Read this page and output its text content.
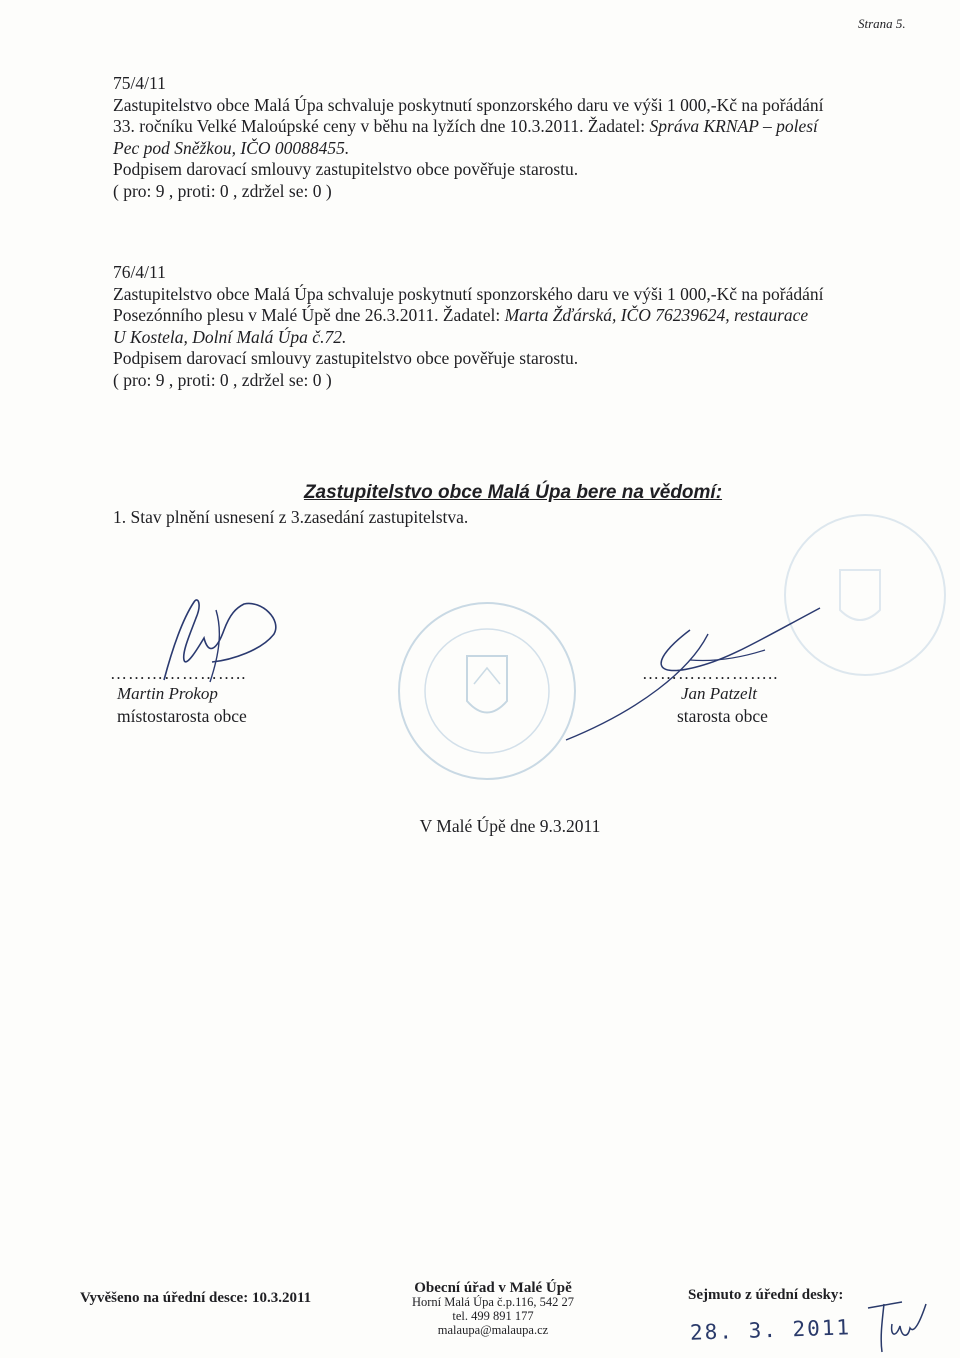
Strana 5.

75/4/11

Zastupitelstvo obce Malá Úpa schvaluje poskytnutí sponzorského daru ve výši 1 000,-Kč na pořádání

33. ročníku Velké Maloúpské ceny v běhu na lyžích dne 10.3.2011. Žadatel: Správa KRNAP – polesí

Pec pod Sněžkou, IČO 00088455.

Podpisem darovací smlouvy zastupitelstvo obce pověřuje starostu.

( pro: 9 , proti: 0 , zdržel se: 0 )

76/4/11

Zastupitelstvo obce Malá Úpa schvaluje poskytnutí sponzorského daru ve výši 1 000,-Kč na pořádání

Posezónního plesu v Malé Úpě dne 26.3.2011. Žadatel: Marta Žďárská, IČO 76239624, restaurace

U Kostela, Dolní Malá Úpa č.72.

Podpisem darovací smlouvy zastupitelstvo obce pověřuje starostu.

( pro: 9 , proti: 0 , zdržel se: 0 )

Zastupitelstvo obce Malá Úpa bere na vědomí:
1. Stav plnění usnesení z 3.zasedání zastupitelstva.
…………………..
Martin Prokop
místostarosta obce
…………………..
Jan Patzelt
starosta obce
V Malé Úpě dne 9.3.2011
Vyvěšeno na úřední desce: 10.3.2011
Obecní úřad v Malé Úpě
Horní Malá Úpa č.p.116, 542 27
tel. 499 891 177
malaupa@malaupa.cz
Sejmuto z úřední desky:
28. 3. 2011
